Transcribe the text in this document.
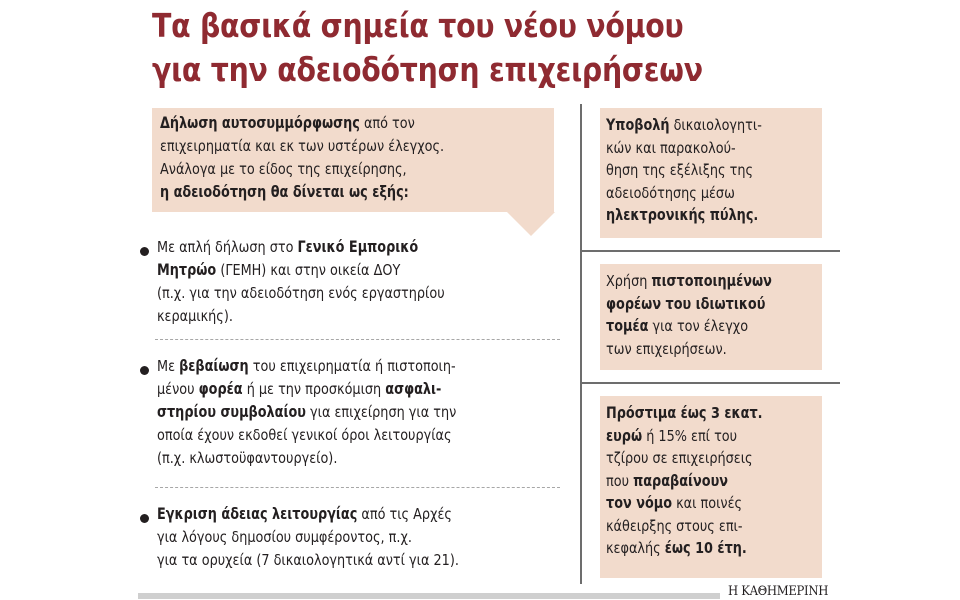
Τα βασικά σημεία του νέου νόμου
για την αδειοδότηση επιχειρήσεων
Δήλωση αυτοσυμμόρφωσης από τον
επιχειρηματία και εκ των υστέρων έλεγχος.
Ανάλογα με το είδος της επιχείρησης,
η αδειοδότηση θα δίνεται ως εξής:
Με απλή δήλωση στο Γενικό Εμπορικό
Μητρώο (ΓΕΜΗ) και στην οικεία ΔΟΥ
(π.χ. για την αδειοδότηση ενός εργαστηρίου
κεραμικής).
Με βεβαίωση του επιχειρηματία ή πιστοποιη-
μένου φορέα ή με την προσκόμιση ασφαλι-
στηρίου συμβολαίου για επιχείρηση για την
οποία έχουν εκδοθεί γενικοί όροι λειτουργίας
(π.χ. κλωστοϋφαντουργείο).
Εγκριση άδειας λειτουργίας από τις Αρχές
για λόγους δημοσίου συμφέροντος, π.χ.
για τα ορυχεία (7 δικαιολογητικά αντί για 21).
Υποβολή δικαιολογητι-
κών και παρακολού-
θηση της εξέλιξης της
αδειοδότησης μέσω
ηλεκτρονικής πύλης.
Χρήση πιστοποιημένων
φορέων του ιδιωτικού
τομέα για τον έλεγχο
των επιχειρήσεων.
Πρόστιμα έως 3 εκατ.
ευρώ ή 15% επί του
τζίρου σε επιχειρήσεις
που παραβαίνουν
τον νόμο και ποινές
κάθειρξης στους επι-
κεφαλής έως 10 έτη.
Η ΚΑΘΗΜΕΡΙΝΗ
